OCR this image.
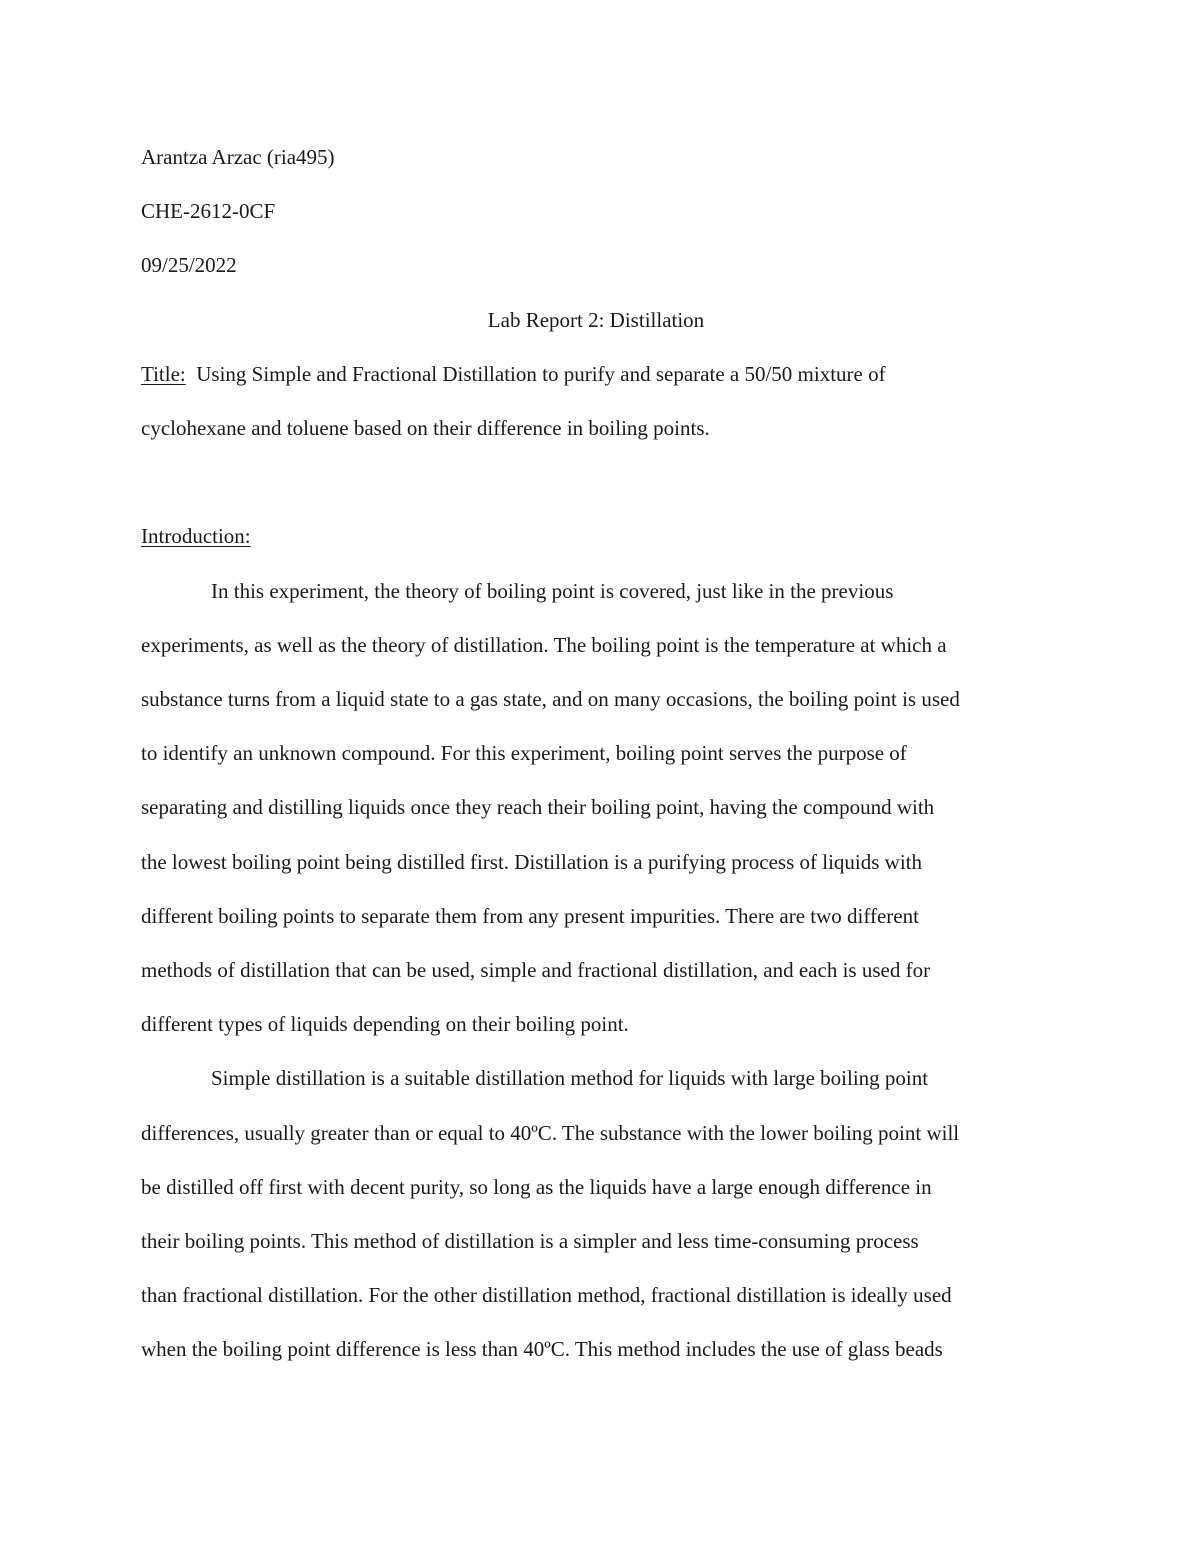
Arantza Arzac (ria495)
CHE-2612-0CF
09/25/2022
Lab Report 2: Distillation
Title: Using Simple and Fractional Distillation to purify and separate a 50/50 mixture of
cyclohexane and toluene based on their difference in boiling points.
Introduction:
In this experiment, the theory of boiling point is covered, just like in the previous
experiments, as well as the theory of distillation. The boiling point is the temperature at which a
substance turns from a liquid state to a gas state, and on many occasions, the boiling point is used
to identify an unknown compound. For this experiment, boiling point serves the purpose of
separating and distilling liquids once they reach their boiling point, having the compound with
the lowest boiling point being distilled first. Distillation is a purifying process of liquids with
different boiling points to separate them from any present impurities. There are two different
methods of distillation that can be used, simple and fractional distillation, and each is used for
different types of liquids depending on their boiling point.
Simple distillation is a suitable distillation method for liquids with large boiling point
differences, usually greater than or equal to 40ºC. The substance with the lower boiling point will
be distilled off first with decent purity, so long as the liquids have a large enough difference in
their boiling points. This method of distillation is a simpler and less time-consuming process
than fractional distillation. For the other distillation method, fractional distillation is ideally used
when the boiling point difference is less than 40ºC. This method includes the use of glass beads
